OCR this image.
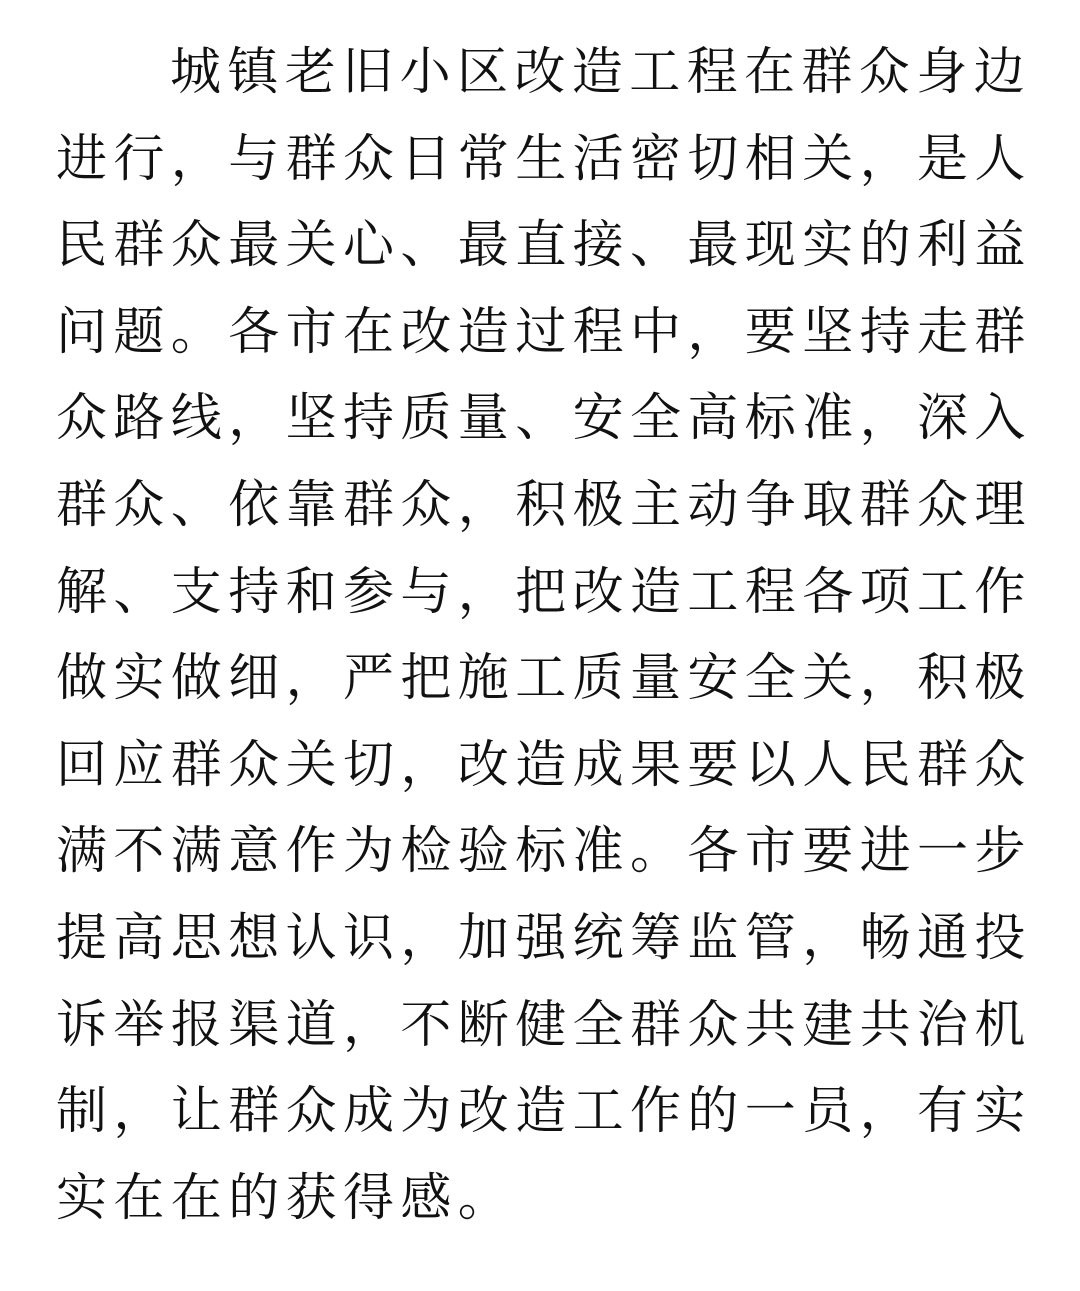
城镇老旧小区改造工程在群众身边
进行，与群众日常生活密切相关，是人
民群众最关心、最直接、最现实的利益
问题。各市在改造过程中，要坚持走群
众路线，坚持质量、安全高标准，深入
群众、依靠群众，积极主动争取群众理
解、支持和参与，把改造工程各项工作
做实做细，严把施工质量安全关，积极
回应群众关切，改造成果要以人民群众
满不满意作为检验标准。各市要进一步
提高思想认识，加强统筹监管，畅通投
诉举报渠道，不断健全群众共建共治机
制，让群众成为改造工作的一员，有实
实在在的获得感。
